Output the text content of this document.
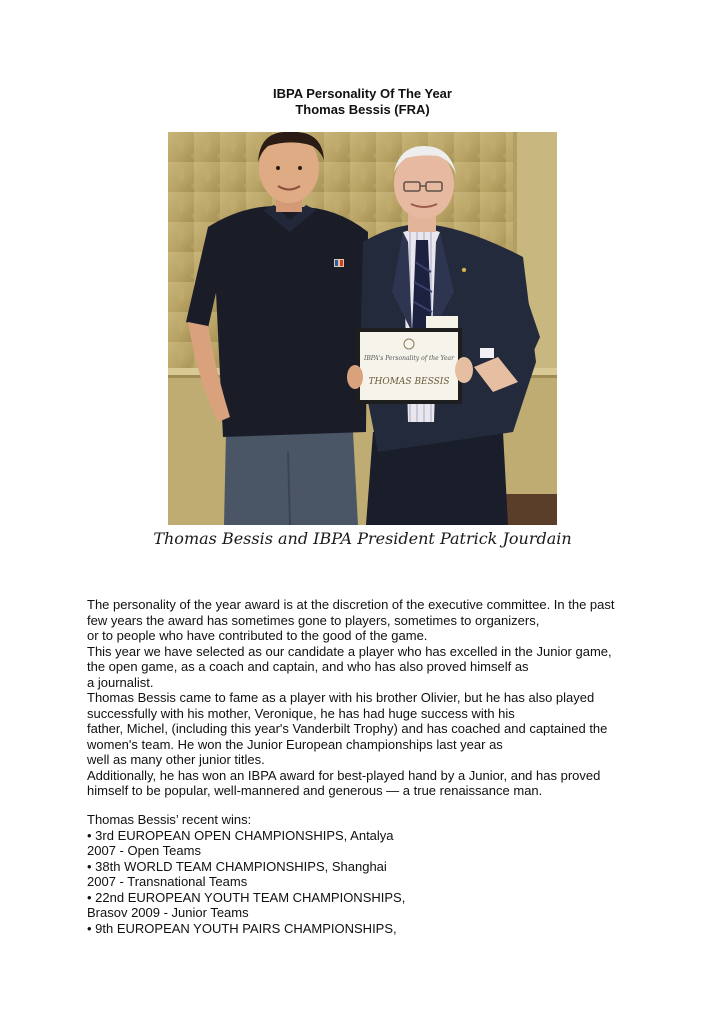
IBPA Personality Of The Year
Thomas Bessis (FRA)
IBPA's Personality of the Year
THOMAS BESSIS
Thomas Bessis and IBPA President Patrick Jourdain
The personality of the year award is at the discretion of the executive committee. In the past
few years the award has sometimes gone to players, sometimes to organizers,
or to people who have contributed to the good of the game.
This year we have selected as our candidate a player who has excelled in the Junior game,
the open game, as a coach and captain, and who has also proved himself as
a journalist.
Thomas Bessis came to fame as a player with his brother Olivier, but he has also played
successfully with his mother, Veronique, he has had huge success with his
father, Michel, (including this year's Vanderbilt Trophy) and has coached and captained the
women's team. He won the Junior European championships last year as
well as many other junior titles.
Additionally, he has won an IBPA award for best-played hand by a Junior, and has proved
himself to be popular, well-mannered and generous — a true renaissance man.
Thomas Bessis’ recent wins:
• 3rd EUROPEAN OPEN CHAMPIONSHIPS, Antalya
2007 - Open Teams
• 38th WORLD TEAM CHAMPIONSHIPS, Shanghai
2007 - Transnational Teams
• 22nd EUROPEAN YOUTH TEAM CHAMPIONSHIPS,
Brasov 2009 - Junior Teams
• 9th EUROPEAN YOUTH PAIRS CHAMPIONSHIPS,
